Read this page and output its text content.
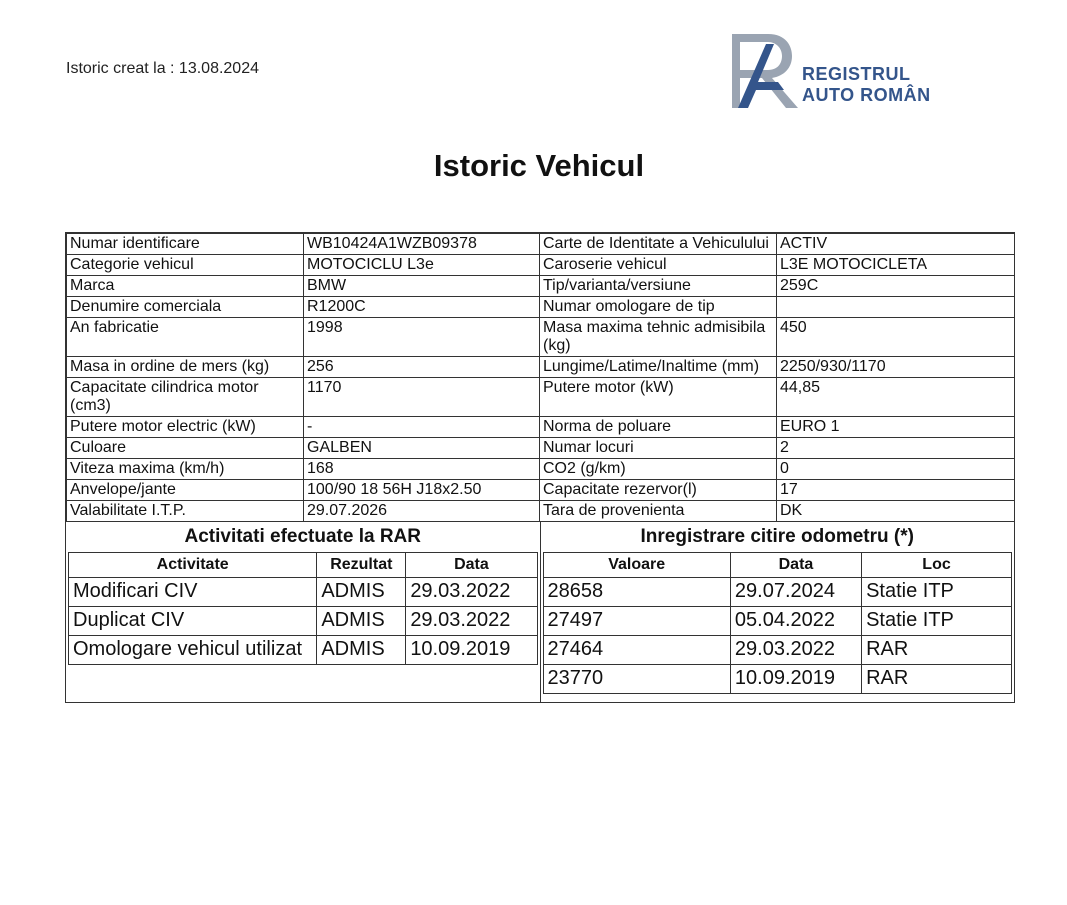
Istoric creat la : 13.08.2024	REGISTRUL
AUTO ROMÂN
Istoric Vehicul
Numar identificare	WB10424A1WZB09378	Carte de Identitate a Vehiculului	ACTIV
Categorie vehicul	MOTOCICLU L3e	Caroserie vehicul	L3E MOTOCICLETA
Marca	BMW	Tip/varianta/versiune	259C
Denumire comerciala	R1200C	Numar omologare de tip	
An fabricatie	1998	Masa maxima tehnic admisibila (kg)	450
Masa in ordine de mers (kg)	256	Lungime/Latime/Inaltime (mm)	2250/930/1170
Capacitate cilindrica motor (cm3)	1170	Putere motor (kW)	44,85
Putere motor electric (kW)	-	Norma de poluare	EURO 1
Culoare	GALBEN	Numar locuri	2
Viteza maxima (km/h)	168	CO2 (g/km)	0
Anvelope/jante	100/90 18 56H J18x2.50	Capacitate rezervor(l)	17
Valabilitate I.T.P.	29.07.2026	Tara de provenienta	DK
Activitati efectuate la RAR
Activitate	Rezultat	Data
Modificari CIV	ADMIS	29.03.2022
Duplicat CIV	ADMIS	29.03.2022
Omologare vehicul utilizat	ADMIS	10.09.2019
Inregistrare citire odometru (*)
Valoare	Data	Loc
28658	29.07.2024	Statie ITP
27497	05.04.2022	Statie ITP
27464	29.03.2022	RAR
23770	10.09.2019	RAR
